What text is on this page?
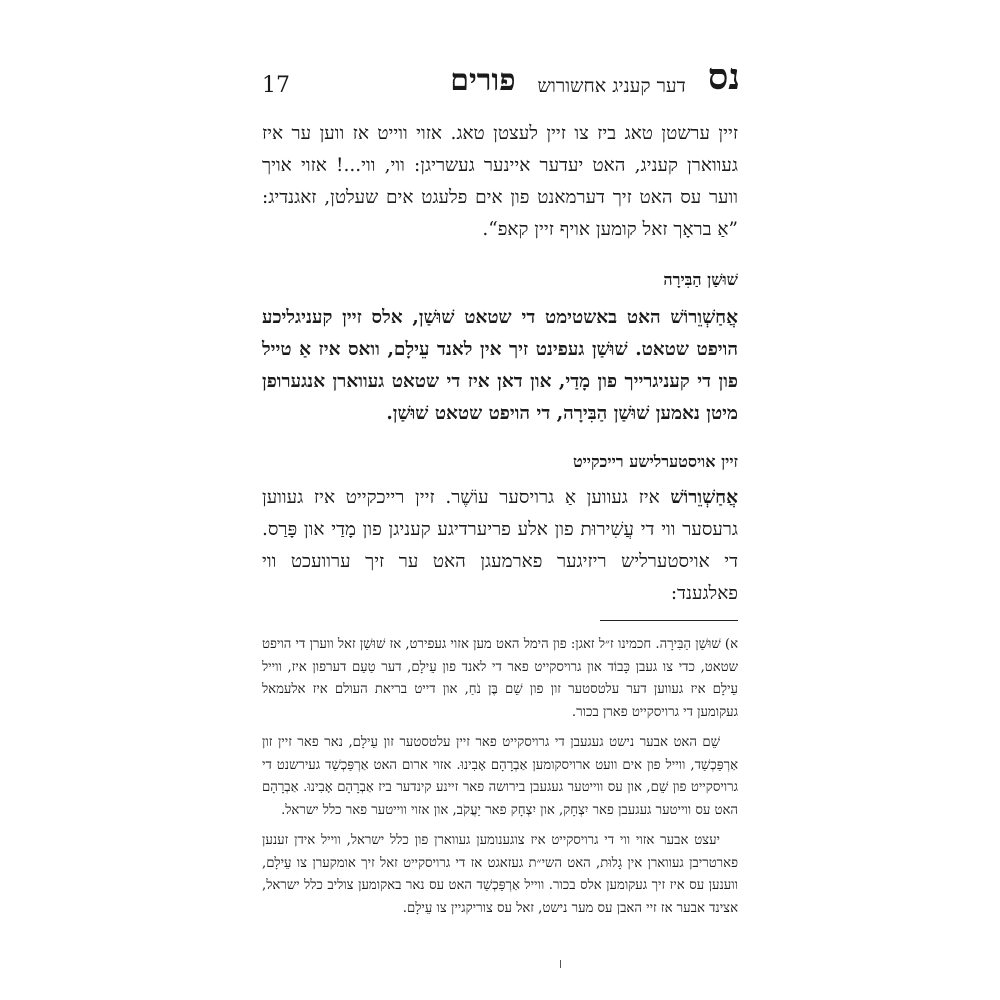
17	פורים דער קעניג אחשורוש נס

זיין ערשטן טאג ביז צו זיין לעצטן טאג. אזוי ווייט אז ווען ער איז געווארן קעניג, האט יעדער איינער געשריגן: ווי, ווי...! אזוי אויך ווער עס האט זיך דערמאנט פון אים פלעגט אים שעלטן, זאגנדיג: ”אַ בראָך זאל קומען אויף זיין קאפ“.

שׁוּשַׁן הַבִּירָה

אֲחַשְׁוֵרוֹשׁ האט באשטימט די שטאט שׁוּשַׁן, אלס זיין קעניגליכע הויפט שטאט. שׁוּשַׁן געפינט זיך אין לאנד עֵילָם, וואס איז אַ טייל פון די קעניגרייך פון מָדַי, און דאן איז די שטאט געווארן אנגערופן מיטן נאמען שׁוּשַׁן הַבִּירָה, די הויפט שטאט שׁוּשַׁן.

זיין אויסטערלישע רייכקייט

אֲחַשְׁוֵרוֹשׁ איז געווען אַ גרויסער עוֹשֶׁר. זיין רייכקייט איז געווען גרעסער ווי די עֲשִׁירוּת פון אלע פריערדיגע קעניגן פון מָדַי און פָּרַס. די אויסטערליש ריזיגער פארמעגן האט ער זיך ערוועכט ווי פאלגענד:

א) שׁוּשַׁן הַבִּירָה. חכמינו ז״ל זאגן: פון הימל האט מען אזוי געפירט, אז שׁוּשַׁן זאל ווערן די הויפט שטאט, כדי צו געבן כָּבוֹד און גרויסקייט פאר די לאנד פון עֵילָם, דער טַעַם דערפון איז, ווייל עֵילָם איז געווען דער עלטסטער זון פון שֵׁם בֶּן נֹחַ, און דייט בריאת העולם איז אלעמאל געקומען די גרויסקייט פארן בכור.

שֵׁם האט אבער נישט געגעבן די גרויסקייט פאר זיין עלטסטער זון עֵילָם, נאר פאר זיין זון אַרְפַּכְשַׁד, ווייל פון אים וועט ארויסקומען אַבְרָהָם אָבִינוּ. אזוי ארום האט אַרְפַּכְשַׁד געירשנט די גרויסקייט פון שֵׁם, און עס ווייטער געגעבן בירושה פאר זיינע קינדער ביז אַבְרָהָם אָבִינוּ. אַבְרָהָם האט עס ווייטער געגעבן פאר יִצְחָק, און יִצְחָק פאר יַעֲקֹב, און אזוי ווייטער פאר כלל ישראל.

יעצט אבער אזוי ווי די גרויסקייט איז צוגענומען געווארן פון כלל ישראל, ווייל אידן זענען פארטריבן געווארן אין גָלוּת, האט השי״ת געזאגט אז די גרויסקייט זאל זיך אומקערן צו עֵילָם, ווענען עס איז זיך געקומען אלס בכור. ווייל אַרְפַּכְשַׁד האט עס נאר באקומען צוליב כלל ישראל, אצינד אבער אז זיי האבן עס מער נישט, זאל עס צוריקגיין צו עֵילָם.
